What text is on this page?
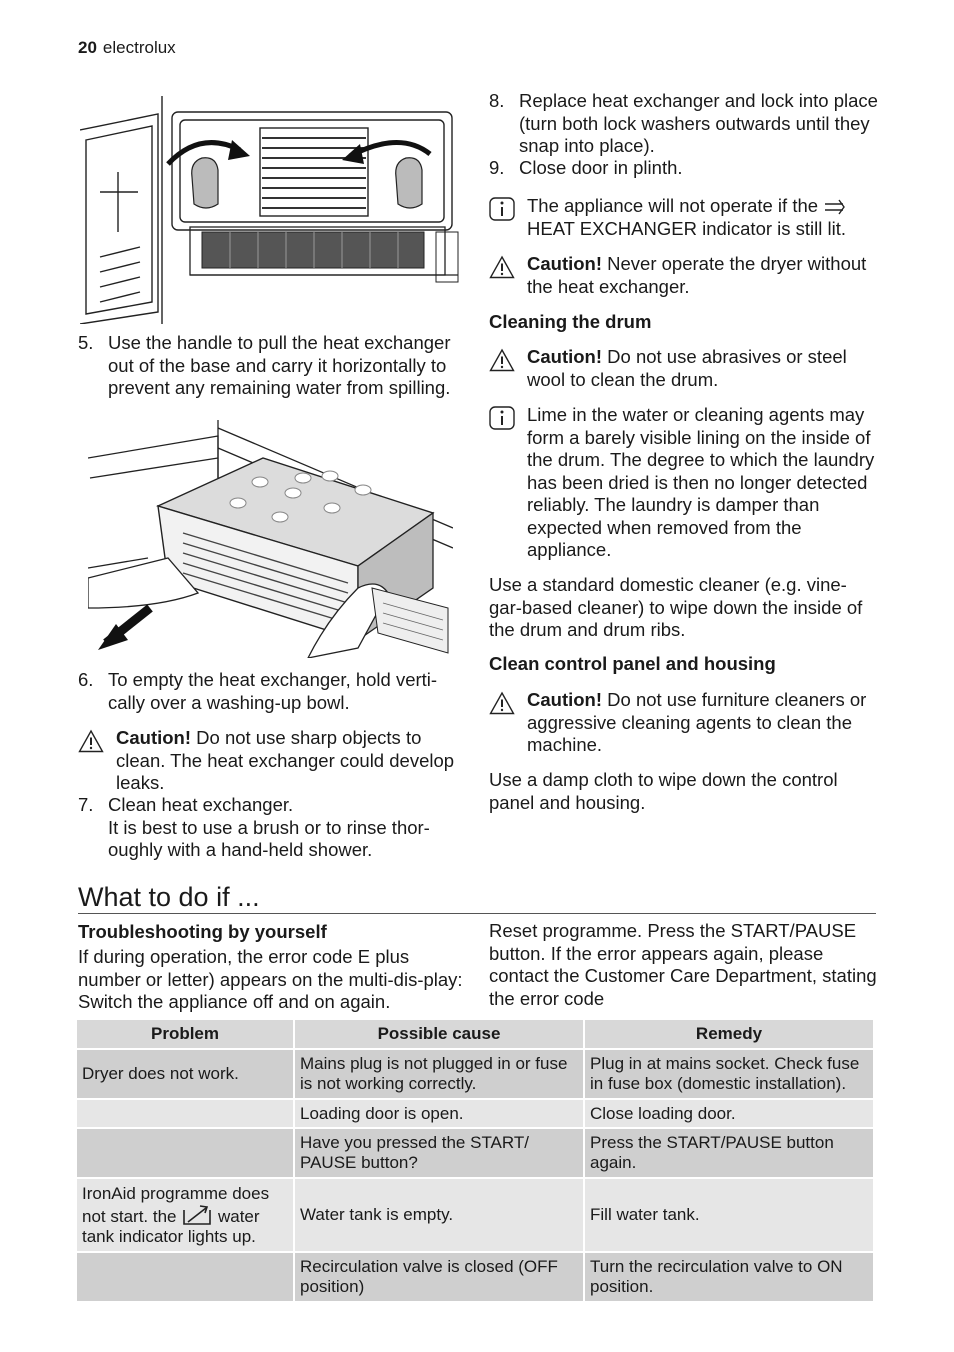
20 electrolux
5. Use the handle to pull the heat exchanger out of the base and carry it horizontally to prevent any remaining water from spilling.
6. To empty the heat exchanger, hold verti-cally over a washing-up bowl.
Caution! Do not use sharp objects to clean. The heat exchanger could develop leaks.
7. Clean heat exchanger.
It is best to use a brush or to rinse thor-oughly with a hand-held shower.
8. Replace heat exchanger and lock into place (turn both lock washers outwards until they snap into place).
9. Close door in plinth.
The appliance will not operate if the
HEAT EXCHANGER indicator is still lit.
Caution! Never operate the dryer without the heat exchanger.
Cleaning the drum
Caution! Do not use abrasives or steel wool to clean the drum.
Lime in the water or cleaning agents may form a barely visible lining on the inside of the drum. The degree to which the laundry has been dried is then no longer detected reliably. The laundry is damper than expected when removed from the appliance.
Use a standard domestic cleaner (e.g. vine-gar-based cleaner) to wipe down the inside of the drum and drum ribs.
Clean control panel and housing
Caution! Do not use furniture cleaners or aggressive cleaning agents to clean the machine.
Use a damp cloth to wipe down the control panel and housing.
What to do if ...
Troubleshooting by yourself
If during operation, the error code E plus number or letter) appears on the multi-dis-play: Switch the appliance off and on again.
Reset programme. Press the START/PAUSE button. If the error appears again, please contact the Customer Care Department, stating the error code
Problem	Possible cause	Remedy
Dryer does not work.	Mains plug is not plugged in or fuse is not working correctly.	Plug in at mains socket. Check fuse in fuse box (domestic installation).
	Loading door is open.	Close loading door.
	Have you pressed the START/ PAUSE button?	Press the START/PAUSE button again.
IronAid programme does not start. the water tank indicator lights up.	Water tank is empty.	Fill water tank.
	Recirculation valve is closed (OFF position)	Turn the recirculation valve to ON position.
